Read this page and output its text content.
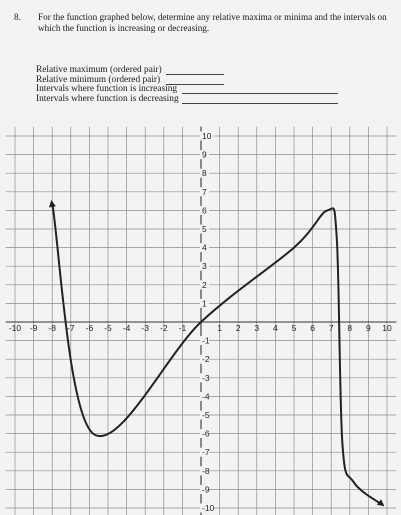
8. For the function graphed below, determine any relative maxima or minima and the intervals on which the function is increasing or decreasing.
Relative maximum (ordered pair)
Relative minimum (ordered pair)
Intervals where function is increasing
Intervals where function is decreasing
-10 -9 -8 -7 -6 -5 -4 -3 -2 -1	1 2 3 4 5 6 7 8 9 10
10
9
8
7
6
5
4
3
2
1
-1
-2
-3
-4
-5
-6
-7
-8
-9
-10
